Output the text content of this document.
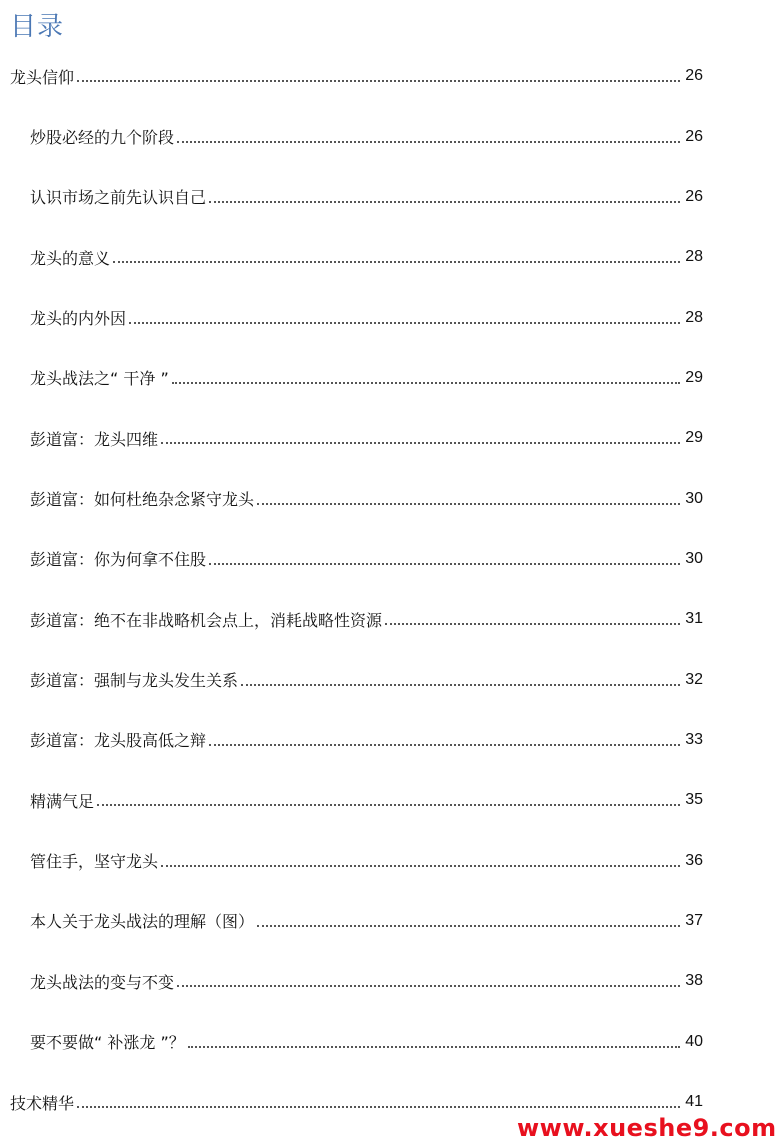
目录
龙头信仰	26
炒股必经的九个阶段	26
认识市场之前先认识自己	26
龙头的意义	28
龙头的内外因	28
龙头战法之“ 干净 ”	29
彭道富：龙头四维	29
彭道富：如何杜绝杂念紧守龙头	30
彭道富：你为何拿不住股	30
彭道富：绝不在非战略机会点上，消耗战略性资源	31
彭道富：强制与龙头发生关系	32
彭道富：龙头股高低之辩	33
精满气足	35
管住手，坚守龙头	36
本人关于龙头战法的理解（图）	37
龙头战法的变与不变	38
要不要做“ 补涨龙 ”？	40
技术精华	41
www.xueshe9.com
